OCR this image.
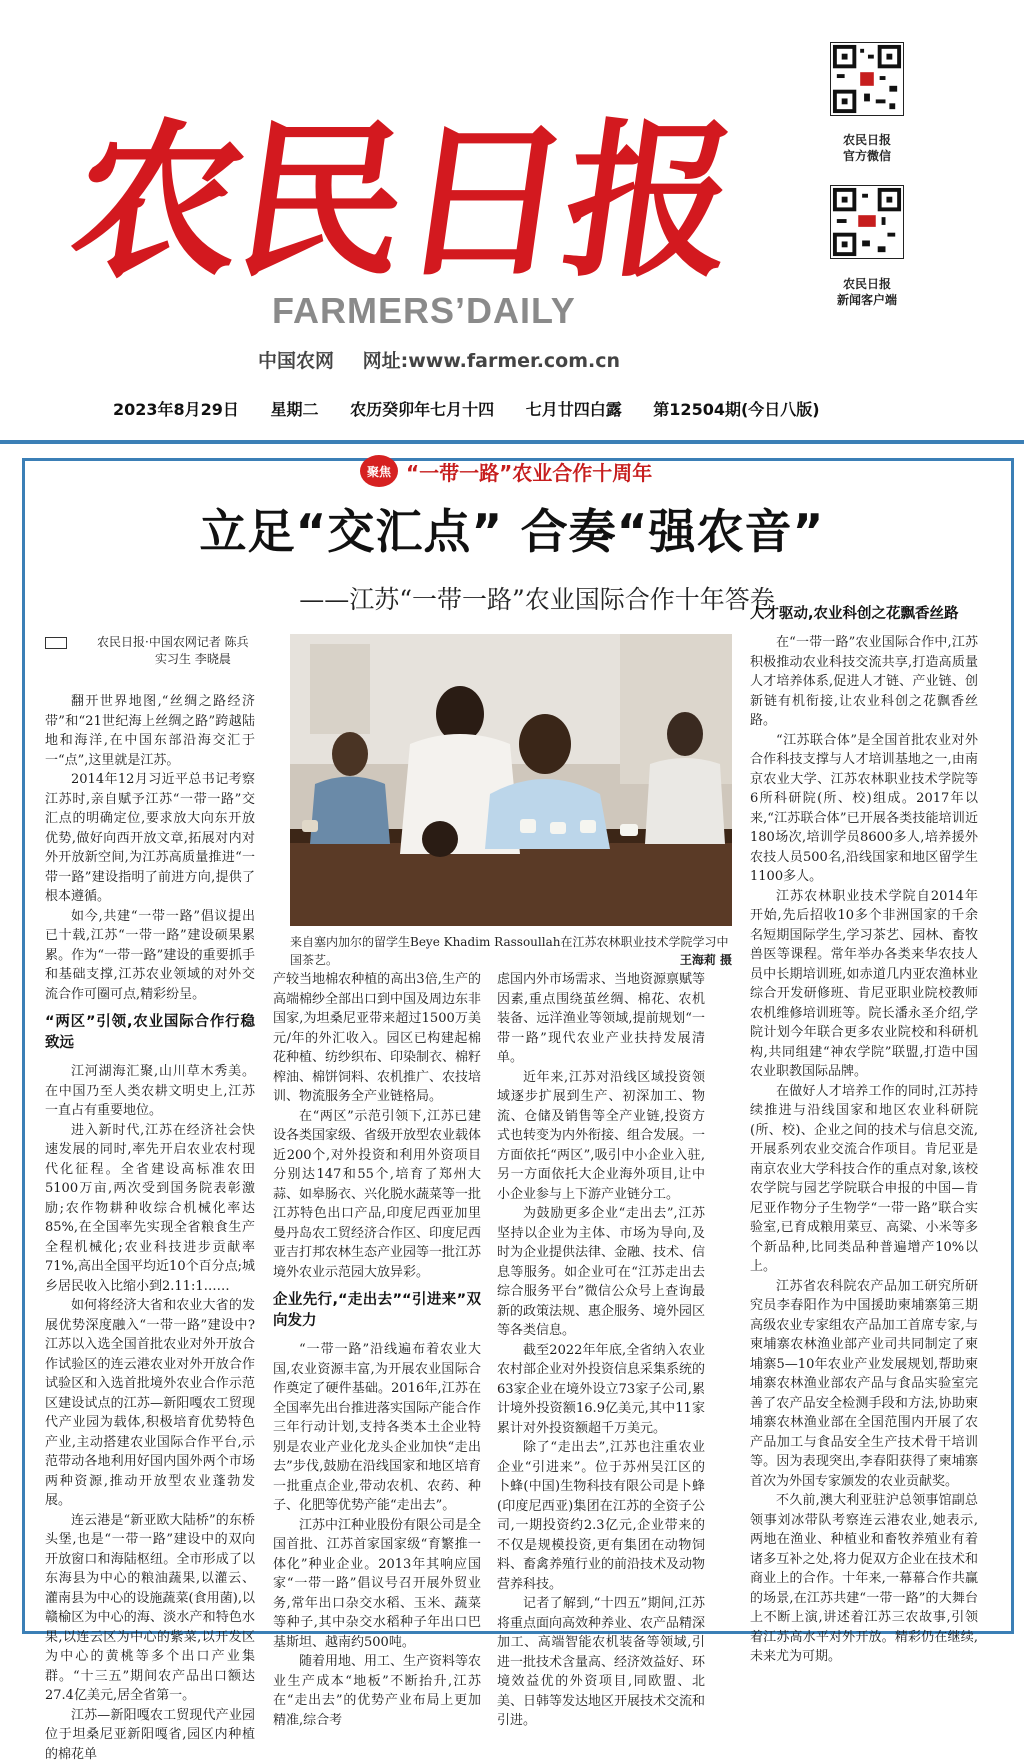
农民日报
FARMERS’DAILY
中国农网 网址:www.farmer.com.cn
2023年8月29日 星期二 农历癸卯年七月十四 七月廿四白露 第12504期(今日八版)
农民日报
官方微信
农民日报
新闻客户端
聚焦 “一带一路”农业合作十周年
立足“交汇点” 合奏“强农音”
——江苏“一带一路”农业国际合作十年答卷
农民日报·中国农网记者 陈兵
实习生 李晓晨

翻开世界地图,“丝绸之路经济带”和“21世纪海上丝绸之路”跨越陆地和海洋,在中国东部沿海交汇于一“点”,这里就是江苏。

2014年12月习近平总书记考察江苏时,亲自赋予江苏“一带一路”交汇点的明确定位,要求放大向东开放优势,做好向西开放文章,拓展对内对外开放新空间,为江苏高质量推进“一带一路”建设指明了前进方向,提供了根本遵循。

如今,共建“一带一路”倡议提出已十载,江苏“一带一路”建设硕果累累。作为“一带一路”建设的重要抓手和基础支撑,江苏农业领域的对外交流合作可圈可点,精彩纷呈。

“两区”引领,农业国际合作行稳致远

江河湖海汇聚,山川草木秀美。在中国乃至人类农耕文明史上,江苏一直占有重要地位。

进入新时代,江苏在经济社会快速发展的同时,率先开启农业农村现代化征程。全省建设高标准农田5100万亩,两次受到国务院表彰激励;农作物耕种收综合机械化率达85%,在全国率先实现全省粮食生产全程机械化;农业科技进步贡献率71%,高出全国平均近10个百分点;城乡居民收入比缩小到2.11:1……

如何将经济大省和农业大省的发展优势深度融入“一带一路”建设中?江苏以入选全国首批农业对外开放合作试验区的连云港农业对外开放合作试验区和入选首批境外农业合作示范区建设试点的江苏—新阳嘎农工贸现代产业园为载体,积极培育优势特色产业,主动搭建农业国际合作平台,示范带动各地利用好国内国外两个市场两种资源,推动开放型农业蓬勃发展。

连云港是“新亚欧大陆桥”的东桥头堡,也是“一带一路”建设中的双向开放窗口和海陆枢纽。全市形成了以东海县为中心的粮油蔬果,以灌云、灌南县为中心的设施蔬菜(食用菌),以赣榆区为中心的海、淡水产和特色水果,以连云区为中心的紫菜,以开发区为中心的黄桃等多个出口产业集群。“十三五”期间农产品出口额达27.4亿美元,居全省第一。

江苏—新阳嘎农工贸现代产业园位于坦桑尼亚新阳嘎省,园区内种植的棉花单

来自塞内加尔的留学生Beye Khadim Rassoullah在江苏农林职业技术学院学习中国茶艺。	王海莉 摄

产较当地棉农种植的高出3倍,生产的高端棉纱全部出口到中国及周边东非国家,为坦桑尼亚带来超过1500万美元/年的外汇收入。园区已构建起棉花种植、纺纱织布、印染制衣、棉籽榨油、棉饼饲料、农机推广、农技培训、物流服务全产业链格局。

在“两区”示范引领下,江苏已建设各类国家级、省级开放型农业载体近200个,对外投资和利用外资项目分别达147和55个,培育了郑州大蒜、如皋肠衣、兴化脱水蔬菜等一批江苏特色出口产品,印度尼西亚加里曼丹岛农工贸经济合作区、印度尼西亚吉打邦农林生态产业园等一批江苏境外农业示范园大放异彩。

企业先行,“走出去”“引进来”双向发力

“一带一路”沿线遍布着农业大国,农业资源丰富,为开展农业国际合作奠定了硬件基础。2016年,江苏在全国率先出台推进落实国际产能合作三年行动计划,支持各类本土企业特别是农业产业化龙头企业加快“走出去”步伐,鼓励在沿线国家和地区培育一批重点企业,带动农机、农药、种子、化肥等优势产能“走出去”。

江苏中江种业股份有限公司是全国首批、江苏首家国家级“育繁推一体化”种业企业。2013年其响应国家“一带一路”倡议号召开展外贸业务,常年出口杂交水稻、玉米、蔬菜等种子,其中杂交水稻种子年出口巴基斯坦、越南约500吨。

随着用地、用工、生产资料等农业生产成本“地板”不断抬升,江苏在“走出去”的优势产业布局上更加精准,综合考

虑国内外市场需求、当地资源禀赋等因素,重点围绕茧丝绸、棉花、农机装备、远洋渔业等领域,提前规划“一带一路”现代农业产业扶持发展清单。

近年来,江苏对沿线区域投资领域逐步扩展到生产、初深加工、物流、仓储及销售等全产业链,投资方式也转变为内外衔接、组合发展。一方面依托“两区”,吸引中小企业入驻,另一方面依托大企业海外项目,让中小企业参与上下游产业链分工。

为鼓励更多企业“走出去”,江苏坚持以企业为主体、市场为导向,及时为企业提供法律、金融、技术、信息等服务。如企业可在“江苏走出去综合服务平台”微信公众号上查询最新的政策法规、惠企服务、境外园区等各类信息。

截至2022年年底,全省纳入农业农村部企业对外投资信息采集系统的63家企业在境外设立73家子公司,累计境外投资额16.9亿美元,其中11家累计对外投资额超千万美元。

除了“走出去”,江苏也注重农业企业“引进来”。位于苏州吴江区的卜蜂(中国)生物科技有限公司是卜蜂(印度尼西亚)集团在江苏的全资子公司,一期投资约2.3亿元,企业带来的不仅是规模投资,更有集团在动物饲料、畜禽养殖行业的前沿技术及动物营养科技。

记者了解到,“十四五”期间,江苏将重点面向高效种养业、农产品精深加工、高端智能农机装备等领域,引进一批技术含量高、经济效益好、环境效益优的外资项目,同欧盟、北美、日韩等发达地区开展技术交流和引进。

人才驱动,农业科创之花飘香丝路

在“一带一路”农业国际合作中,江苏积极推动农业科技交流共享,打造高质量人才培养体系,促进人才链、产业链、创新链有机衔接,让农业科创之花飘香丝路。

“江苏联合体”是全国首批农业对外合作科技支撑与人才培训基地之一,由南京农业大学、江苏农林职业技术学院等6所科研院(所、校)组成。2017年以来,“江苏联合体”已开展各类技能培训近180场次,培训学员8600多人,培养援外农技人员500名,沿线国家和地区留学生1100多人。

江苏农林职业技术学院自2014年开始,先后招收10多个非洲国家的千余名短期国际学生,学习茶艺、园林、畜牧兽医等课程。常年举办各类来华农技人员中长期培训班,如赤道几内亚农渔林业综合开发研修班、肯尼亚职业院校教师农机维修培训班等。院长潘永圣介绍,学院计划今年联合更多农业院校和科研机构,共同组建“神农学院”联盟,打造中国农业职教国际品牌。

在做好人才培养工作的同时,江苏持续推进与沿线国家和地区农业科研院(所、校)、企业之间的技术与信息交流,开展系列农业交流合作项目。肯尼亚是南京农业大学科技合作的重点对象,该校农学院与园艺学院联合申报的中国—肯尼亚作物分子生物学“一带一路”联合实验室,已育成粮用菜豆、高粱、小米等多个新品种,比同类品种普遍增产10%以上。

江苏省农科院农产品加工研究所研究员李春阳作为中国援助柬埔寨第三期高级农业专家组农产品加工首席专家,与柬埔寨农林渔业部产业司共同制定了柬埔寨5—10年农业产业发展规划,帮助柬埔寨农林渔业部农产品与食品实验室完善了农产品安全检测手段和方法,协助柬埔寨农林渔业部在全国范围内开展了农产品加工与食品安全生产技术骨干培训等。因为表现突出,李春阳获得了柬埔寨首次为外国专家颁发的农业贡献奖。

不久前,澳大利亚驻沪总领事馆副总领事刘冰带队考察连云港农业,她表示,两地在渔业、种植业和畜牧养殖业有着诸多互补之处,将力促双方企业在技术和商业上的合作。十年来,一幕幕合作共赢的场景,在江苏共建“一带一路”的大舞台上不断上演,讲述着江苏三农故事,引领着江苏高水平对外开放。精彩仍在继续,未来尤为可期。
